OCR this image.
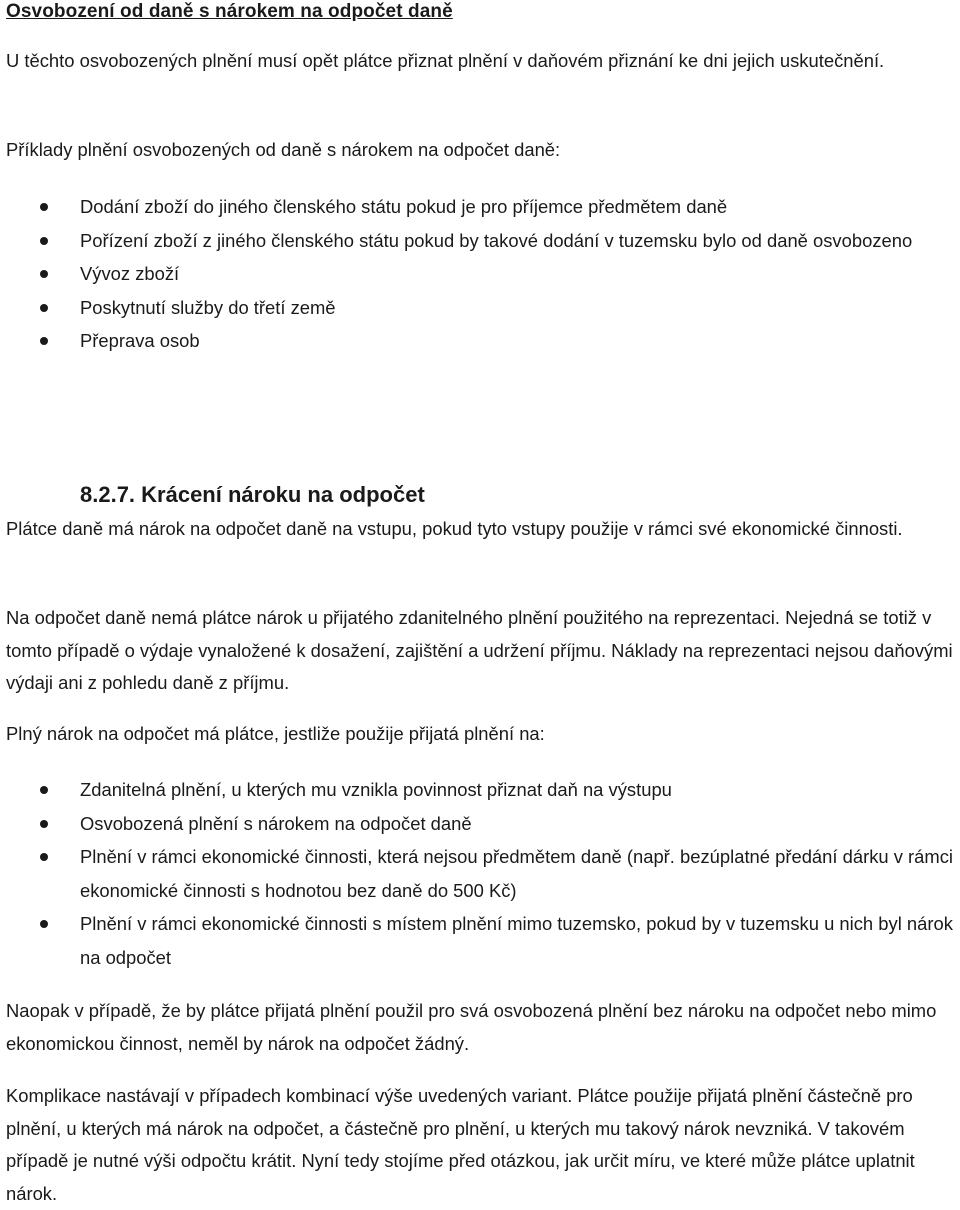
Osvobození od daně s nárokem na odpočet daně
U těchto osvobozených plnění musí opět plátce přiznat plnění v daňovém přiznání ke dni jejich uskutečnění.
Příklady plnění osvobozených od daně s nárokem na odpočet daně:
Dodání zboží do jiného členského státu pokud je pro příjemce předmětem daně
Pořízení zboží z jiného členského státu pokud by takové dodání v tuzemsku bylo od daně osvobozeno
Vývoz zboží
Poskytnutí služby do třetí země
Přeprava osob
8.2.7. Krácení nároku na odpočet
Plátce daně má nárok na odpočet daně na vstupu, pokud tyto vstupy použije v rámci své ekonomické činnosti.
Na odpočet daně nemá plátce nárok u přijatého zdanitelného plnění použitého na reprezentaci. Nejedná se totiž v tomto případě o výdaje vynaložené k dosažení, zajištění a udržení příjmu. Náklady na reprezentaci nejsou daňovými výdaji ani z pohledu daně z příjmu.
Plný nárok na odpočet má plátce, jestliže použije přijatá plnění na:
Zdanitelná plnění, u kterých mu vznikla povinnost přiznat daň na výstupu
Osvobozená plnění s nárokem na odpočet daně
Plnění v rámci ekonomické činnosti, která nejsou předmětem daně (např. bezúplatné předání dárku v rámci ekonomické činnosti s hodnotou bez daně do 500 Kč)
Plnění v rámci ekonomické činnosti s místem plnění mimo tuzemsko, pokud by v tuzemsku u nich byl nárok na odpočet
Naopak v případě, že by plátce přijatá plnění použil pro svá osvobozená plnění bez nároku na odpočet nebo mimo ekonomickou činnost, neměl by nárok na odpočet žádný.
Komplikace nastávají v případech kombinací výše uvedených variant. Plátce použije přijatá plnění částečně pro plnění, u kterých má nárok na odpočet, a částečně pro plnění, u kterých mu takový nárok nevzniká. V takovém případě je nutné výši odpočtu krátit. Nyní tedy stojíme před otázkou, jak určit míru, ve které může plátce uplatnit nárok.
